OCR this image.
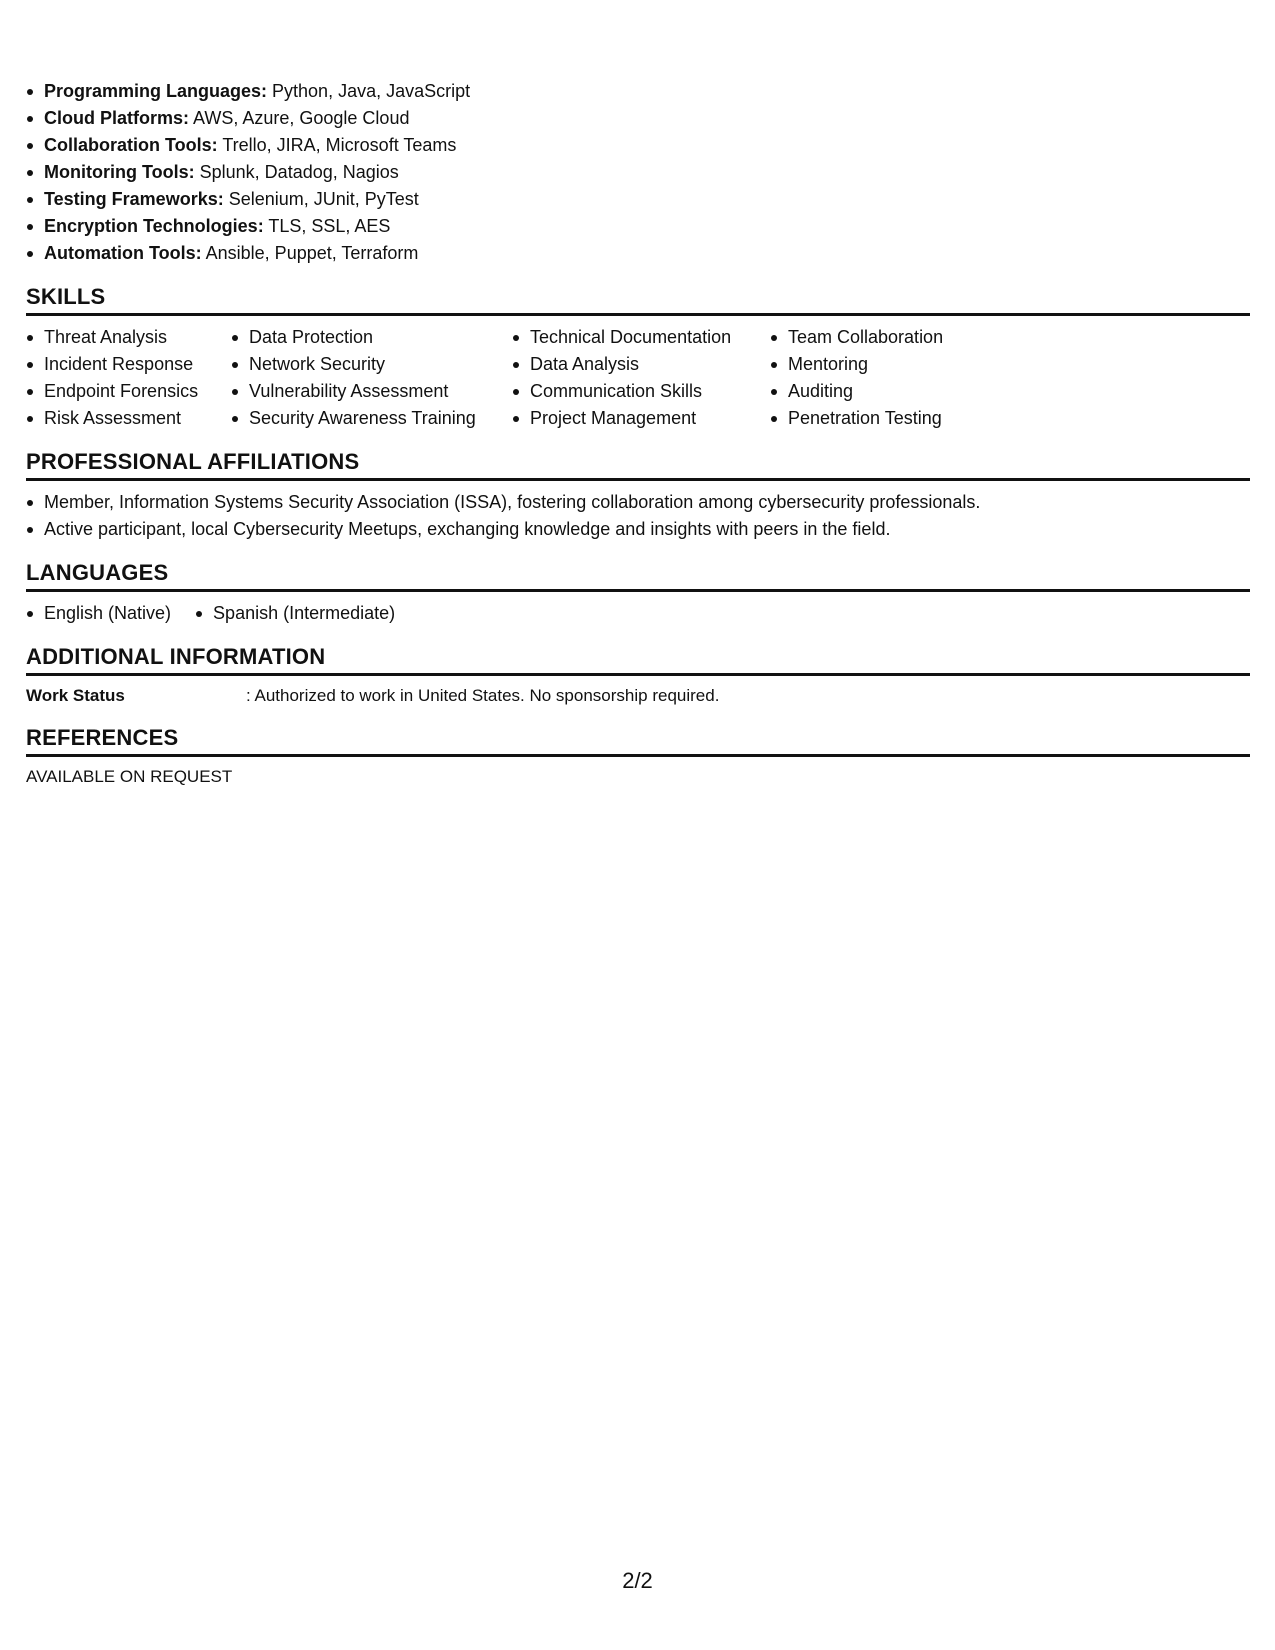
Programming Languages: Python, Java, JavaScript
Cloud Platforms: AWS, Azure, Google Cloud
Collaboration Tools: Trello, JIRA, Microsoft Teams
Monitoring Tools: Splunk, Datadog, Nagios
Testing Frameworks: Selenium, JUnit, PyTest
Encryption Technologies: TLS, SSL, AES
Automation Tools: Ansible, Puppet, Terraform
SKILLS
Threat Analysis
Incident Response
Endpoint Forensics
Risk Assessment
Data Protection
Network Security
Vulnerability Assessment
Security Awareness Training
Technical Documentation
Data Analysis
Communication Skills
Project Management
Team Collaboration
Mentoring
Auditing
Penetration Testing
PROFESSIONAL AFFILIATIONS
Member, Information Systems Security Association (ISSA), fostering collaboration among cybersecurity professionals.
Active participant, local Cybersecurity Meetups, exchanging knowledge and insights with peers in the field.
LANGUAGES
English (Native)	Spanish (Intermediate)
ADDITIONAL INFORMATION
Work Status	: Authorized to work in United States. No sponsorship required.
REFERENCES
AVAILABLE ON REQUEST
2/2
